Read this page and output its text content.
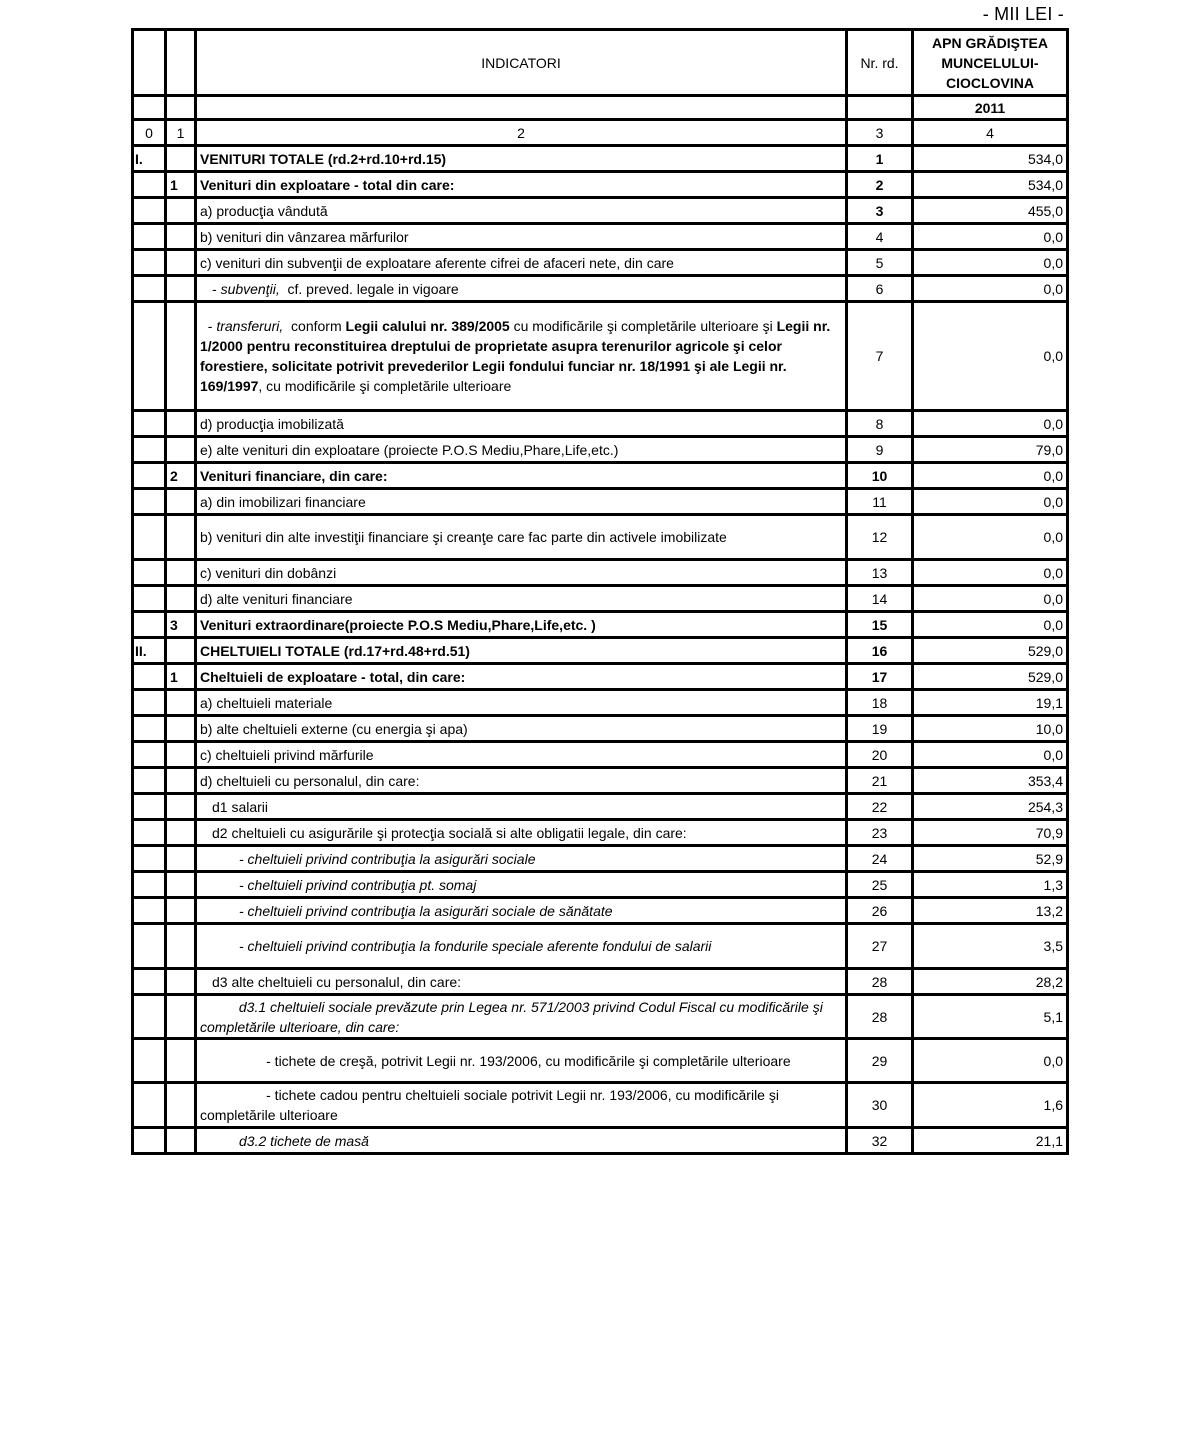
- MII LEI -
		INDICATORI	Nr. rd.	APN GRĂDIŞTEA
MUNCELULUI-
CIOCLOVINA

				2011
0	1	2	3	4
I.		VENITURI TOTALE (rd.2+rd.10+rd.15)	1	534,0
	1	Venituri din exploatare - total din care:	2	534,0
		a) producţia vândută	3	455,0
		b) venituri din vânzarea mărfurilor	4	0,0
		c) venituri din subvenţii de exploatare aferente cifrei de afaceri nete, din care	5	0,0
		- subvenţii,  cf. preved. legale in vigoare	6	0,0
		- transferuri,  conform Legii calului nr. 389/2005 cu modificările şi completările ulterioare şi Legii nr. 1/2000 pentru reconstituirea dreptului de proprietate asupra terenurilor agricole şi celor forestiere, solicitate potrivit prevederilor Legii fondului funciar nr. 18/1991 şi ale Legii nr. 169/1997, cu modificările şi completările ulterioare	7	0,0
		d) producţia imobilizată	8	0,0
		e) alte venituri din exploatare (proiecte P.O.S Mediu,Phare,Life,etc.)	9	79,0
	2	Venituri financiare, din care:	10	0,0
		a) din imobilizari financiare	11	0,0
		b) venituri din alte investiţii financiare şi creanţe care fac parte din activele imobilizate	12	0,0
		c) venituri din dobânzi	13	0,0
		d) alte venituri financiare	14	0,0
	3	Venituri extraordinare(proiecte P.O.S Mediu,Phare,Life,etc. )	15	0,0
II.		CHELTUIELI TOTALE (rd.17+rd.48+rd.51)	16	529,0
	1	Cheltuieli de exploatare - total, din care:	17	529,0
		a) cheltuieli materiale	18	19,1
		b) alte cheltuieli externe (cu energia şi apa)	19	10,0
		c) cheltuieli privind mărfurile	20	0,0
		d) cheltuieli cu personalul, din care:	21	353,4
		d1 salarii	22	254,3
		d2 cheltuieli cu asigurările şi protecţia socială si alte obligatii legale, din care:	23	70,9
		- cheltuieli privind contribuţia la asigurări sociale	24	52,9
		- cheltuieli privind contribuţia pt. somaj	25	1,3
		- cheltuieli privind contribuţia la asigurări sociale de sănătate	26	13,2
		- cheltuieli privind contribuţia la fondurile speciale aferente fondului de salarii	27	3,5
		d3 alte cheltuieli cu personalul, din care:	28	28,2
		d3.1 cheltuieli sociale prevăzute prin Legea nr. 571/2003 privind Codul Fiscal cu modificările şi completările ulterioare, din care:	28	5,1
		- tichete de creşă, potrivit Legii nr. 193/2006, cu modificările şi completările ulterioare	29	0,0
		- tichete cadou pentru cheltuieli sociale potrivit Legii nr. 193/2006, cu modificările şi completările ulterioare	30	1,6
		d3.2 tichete de masă	32	21,1
